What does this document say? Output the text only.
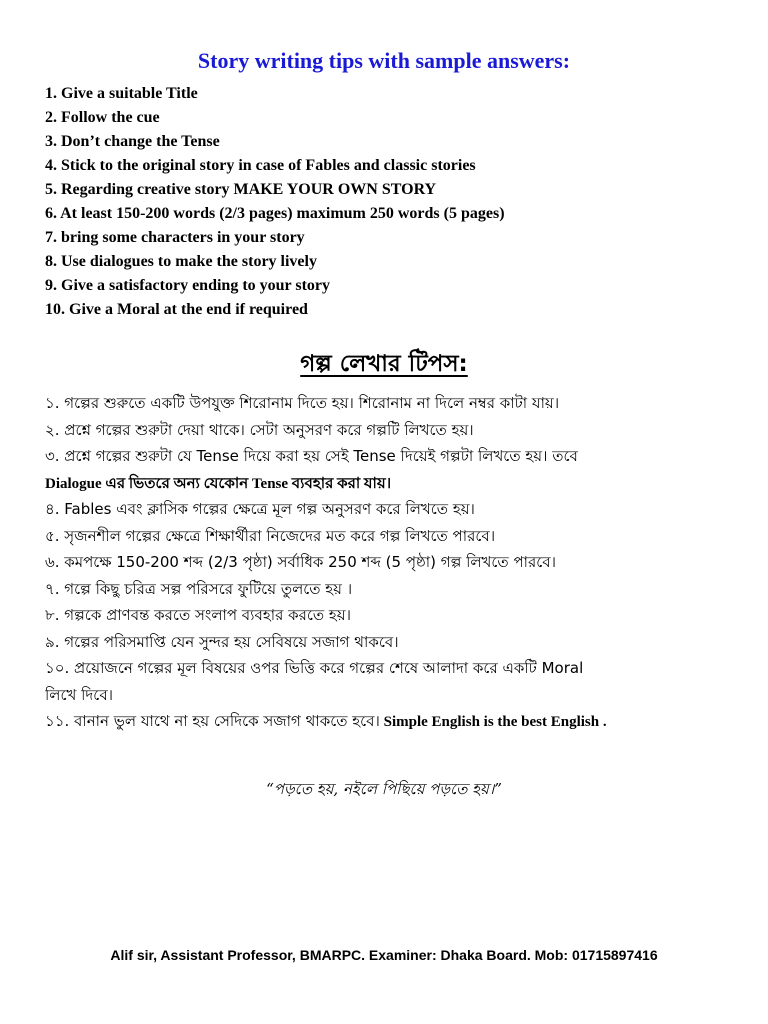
Story writing tips with sample answers:
1. Give a suitable Title
2. Follow the cue
3. Don’t change the Tense
4. Stick to the original story in case of Fables and classic stories
5. Regarding creative story MAKE YOUR OWN STORY
6. At least 150-200 words (2/3 pages) maximum 250 words (5 pages)
7. bring some characters in your story
8. Use dialogues to make the story lively
9. Give a satisfactory ending to your story
10. Give a Moral at the end if required
গল্প লেখার টিপস:
১. গল্পের শুরুতে একটি উপযুক্ত শিরোনাম দিতে হয়। শিরোনাম না দিলে নম্বর কাটা যায়।
২. প্রশ্নে গল্পের শুরুটা দেয়া থাকে। সেটা অনুসরণ করে গল্পটি লিখতে হয়।
৩. প্রশ্নে গল্পের শুরুটা যে Tense দিয়ে করা হয় সেই Tense দিয়েই গল্পটা লিখতে হয়। তবে
Dialogue এর ভিতরে অন্য যেকোন Tense ব্যবহার করা যায়।
৪. Fables এবং ক্লাসিক গল্পের ক্ষেত্রে মূল গল্প অনুসরণ করে লিখতে হয়।
৫. সৃজনশীল গল্পের ক্ষেত্রে শিক্ষার্থীরা নিজেদের মত করে গল্প লিখতে পারবে।
৬. কমপক্ষে 150-200 শব্দ (2/3 পৃষ্ঠা) সর্বাধিক 250 শব্দ (5 পৃষ্ঠা) গল্প লিখতে পারবে।
৭. গল্পে কিছু চরিত্র সল্প পরিসরে ফুটিয়ে তুলতে হয় ।
৮. গল্পকে প্রাণবন্ত করতে সংলাপ ব্যবহার করতে হয়।
৯. গল্পের পরিসমাপ্তি যেন সুন্দর হয় সেবিষয়ে সজাগ থাকবে।
১০. প্রয়োজনে গল্পের মূল বিষয়ের ওপর ভিত্তি করে গল্পের শেষে আলাদা করে একটি Moral
লিখে দিবে।
১১. বানান ভুল যাথে না হয় সেদিকে সজাগ থাকতে হবে। Simple English is the best English .
“পড়তে হয়, নইলে পিছিয়ে পড়তে হয়।”
Alif sir, Assistant Professor, BMARPC. Examiner: Dhaka Board. Mob: 01715897416
